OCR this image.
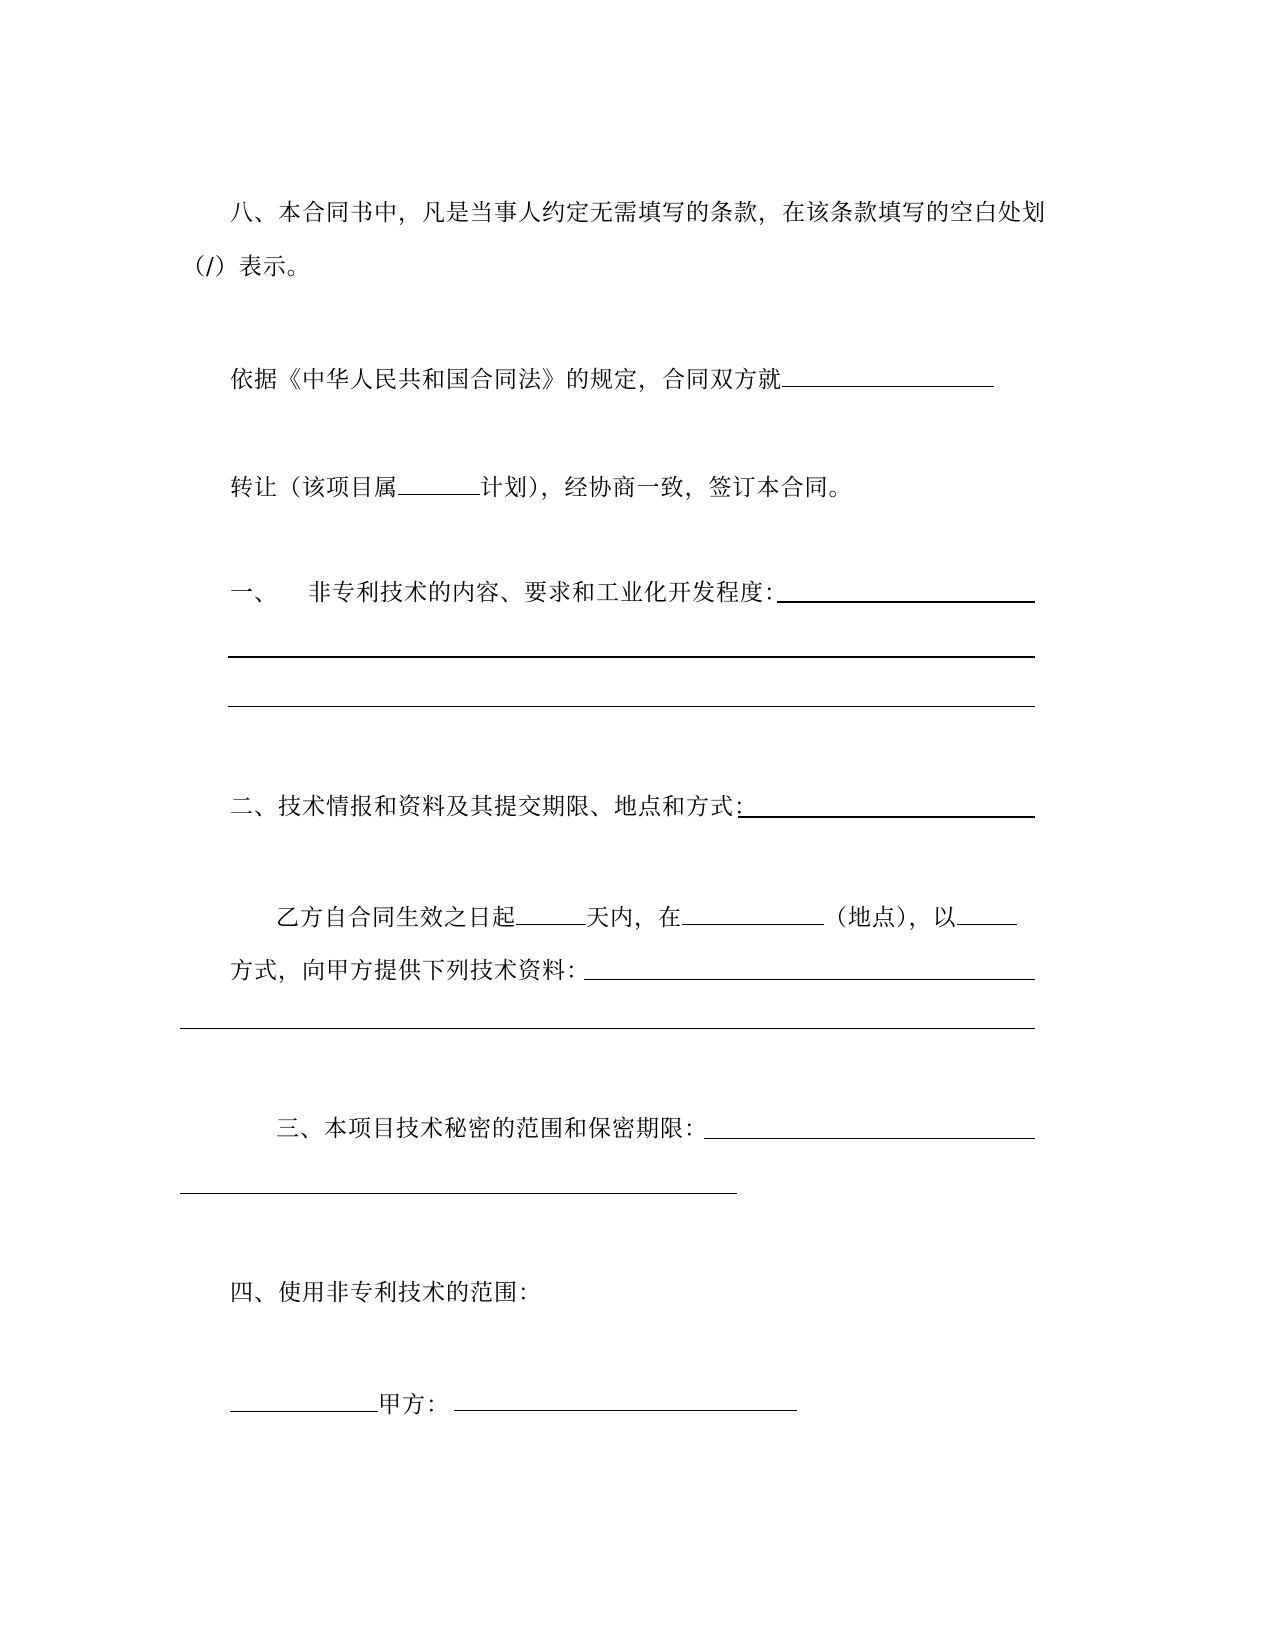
八、本合同书中，凡是当事人约定无需填写的条款，在该条款填写的空白处划
（/）表示。
依据《中华人民共和国合同法》的规定，合同双方就
转让（该项目属	计划），经协商一致，签订本合同。
一、 非专利技术的内容、要求和工业化开发程度：
二、技术情报和资料及其提交期限、地点和方式：
乙方自合同生效之日起	天内，在	（地点），以
方式，向甲方提供下列技术资料：
三、本项目技术秘密的范围和保密期限：
四、使用非专利技术的范围：
甲方：
